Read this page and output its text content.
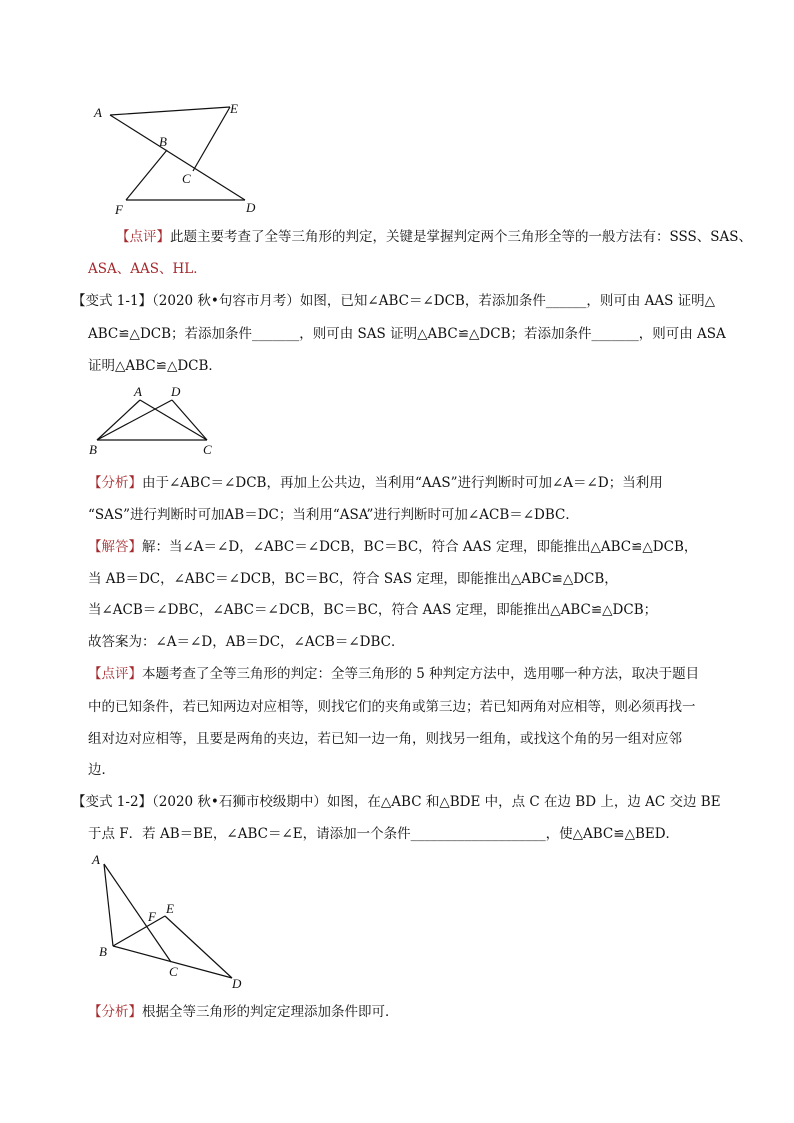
A	E
B
C
F	D
【点评】此题主要考查了全等三角形的判定，关键是掌握判定两个三角形全等的一般方法有：SSS、SAS、
ASA、AAS、HL．
【变式 1-1】（2020 秋•句容市月考）如图，已知∠ABC＝∠DCB，若添加条件______，则可由 AAS 证明△
ABC≌△DCB；若添加条件_______，则可由 SAS 证明△ABC≌△DCB；若添加条件_______，则可由 ASA
证明△ABC≌△DCB．
A D
B	C
【分析】由于∠ABC＝∠DCB，再加上公共边，当利用“AAS”进行判断时可加∠A＝∠D；当利用
“SAS”进行判断时可加AB＝DC；当利用“ASA”进行判断时可加∠ACB＝∠DBC．
【解答】解：当∠A＝∠D，∠ABC＝∠DCB，BC＝BC，符合 AAS 定理，即能推出△ABC≌△DCB，
当 AB＝DC，∠ABC＝∠DCB，BC＝BC，符合 SAS 定理，即能推出△ABC≌△DCB，
当∠ACB＝∠DBC，∠ABC＝∠DCB，BC＝BC，符合 AAS 定理，即能推出△ABC≌△DCB；
故答案为：∠A＝∠D，AB＝DC，∠ACB＝∠DBC．
【点评】本题考查了全等三角形的判定：全等三角形的 5 种判定方法中，选用哪一种方法，取决于题目
中的已知条件，若已知两边对应相等，则找它们的夹角或第三边；若已知两角对应相等，则必须再找一
组对边对应相等，且要是两角的夹边，若已知一边一角，则找另一组角，或找这个角的另一组对应邻
边．
【变式 1-2】（2020 秋•石狮市校级期中）如图，在△ABC 和△BDE 中，点 C 在边 BD 上，边 AC 交边 BE
于点 F．若 AB＝BE，∠ABC＝∠E，请添加一个条件____________________，使△ABC≌△BED．
A
F
E
B
C
D
【分析】根据全等三角形的判定定理添加条件即可．
